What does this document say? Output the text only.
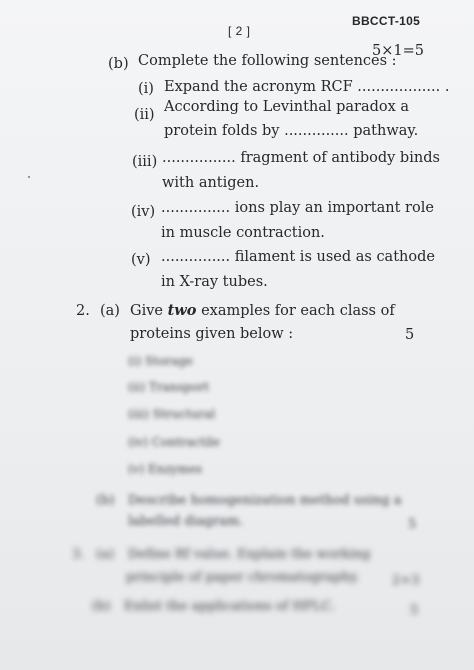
BBCCT-105
[ 2 ]
(b) Complete the following sentences :
5×1=5
(i) Expand the acronym RCF .................. .
(ii) According to Levinthal paradox a
protein folds by .............. pathway.
(iii) ................ fragment of antibody binds
with antigen.
(iv) ............... ions play an important role
in muscle contraction.
(v) ............... filament is used as cathode
in X-ray tubes.
2. (a) Give two examples for each class of
proteins given below :	5
(i) Storage
(ii) Transport
(iii) Structural
(iv) Contractile
(v) Enzymes
(b) Describe homogenization method using a
labelled diagram.	5
3. (a) Define Rf value. Explain the working
principle of paper chromatography. 2+3
(b) Enlist the applications of HPLC.	5
